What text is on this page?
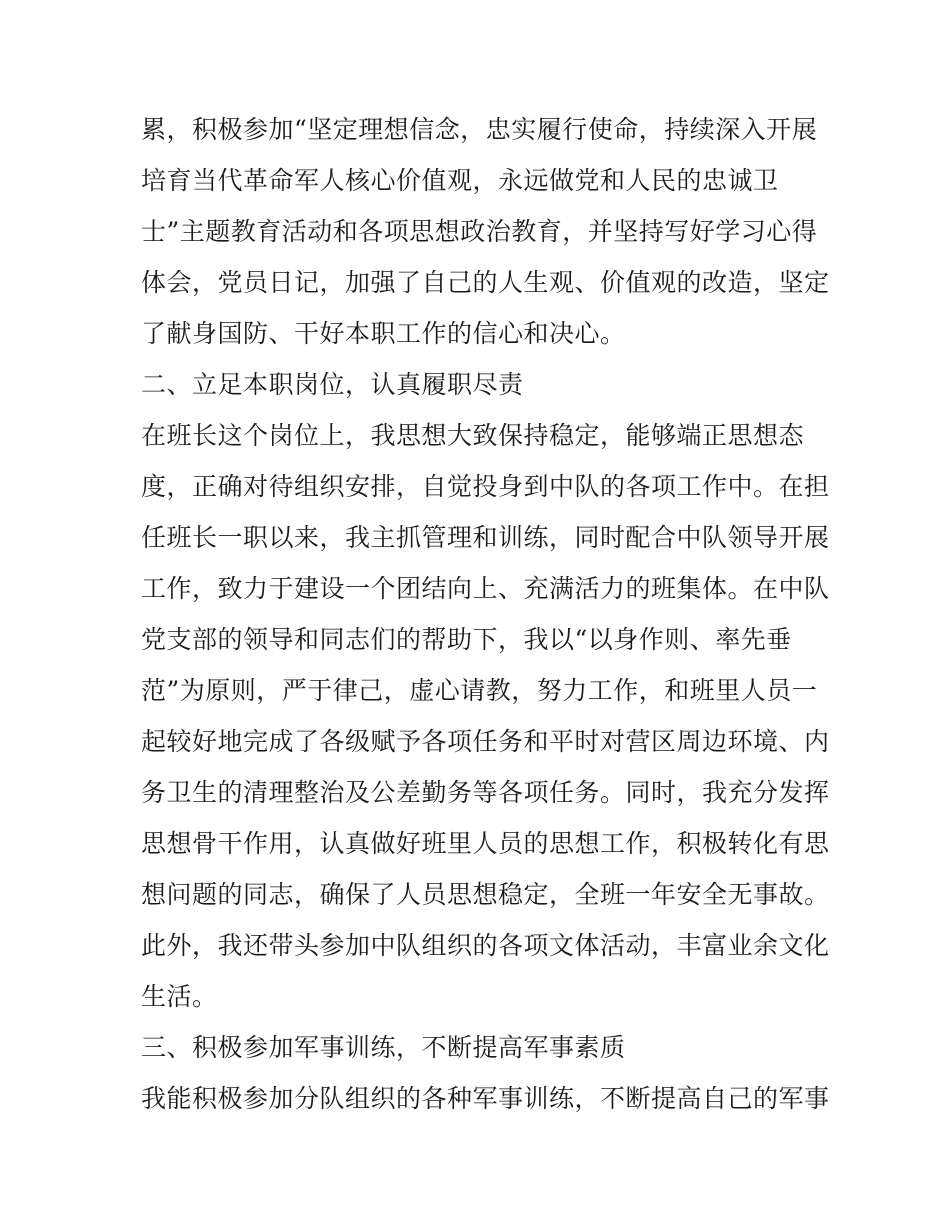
累，积极参加“坚定理想信念，忠实履行使命，持续深入开展
培育当代革命军人核心价值观，永远做党和人民的忠诚卫
士”主题教育活动和各项思想政治教育，并坚持写好学习心得
体会，党员日记，加强了自己的人生观、价值观的改造，坚定
了献身国防、干好本职工作的信心和决心。
二、立足本职岗位，认真履职尽责
在班长这个岗位上，我思想大致保持稳定，能够端正思想态
度，正确对待组织安排，自觉投身到中队的各项工作中。在担
任班长一职以来，我主抓管理和训练，同时配合中队领导开展
工作，致力于建设一个团结向上、充满活力的班集体。在中队
党支部的领导和同志们的帮助下，我以“以身作则、率先垂
范”为原则，严于律己，虚心请教，努力工作，和班里人员一
起较好地完成了各级赋予各项任务和平时对营区周边环境、内
务卫生的清理整治及公差勤务等各项任务。同时，我充分发挥
思想骨干作用，认真做好班里人员的思想工作，积极转化有思
想问题的同志，确保了人员思想稳定，全班一年安全无事故。
此外，我还带头参加中队组织的各项文体活动，丰富业余文化
生活。
三、积极参加军事训练，不断提高军事素质
我能积极参加分队组织的各种军事训练，不断提高自己的军事
